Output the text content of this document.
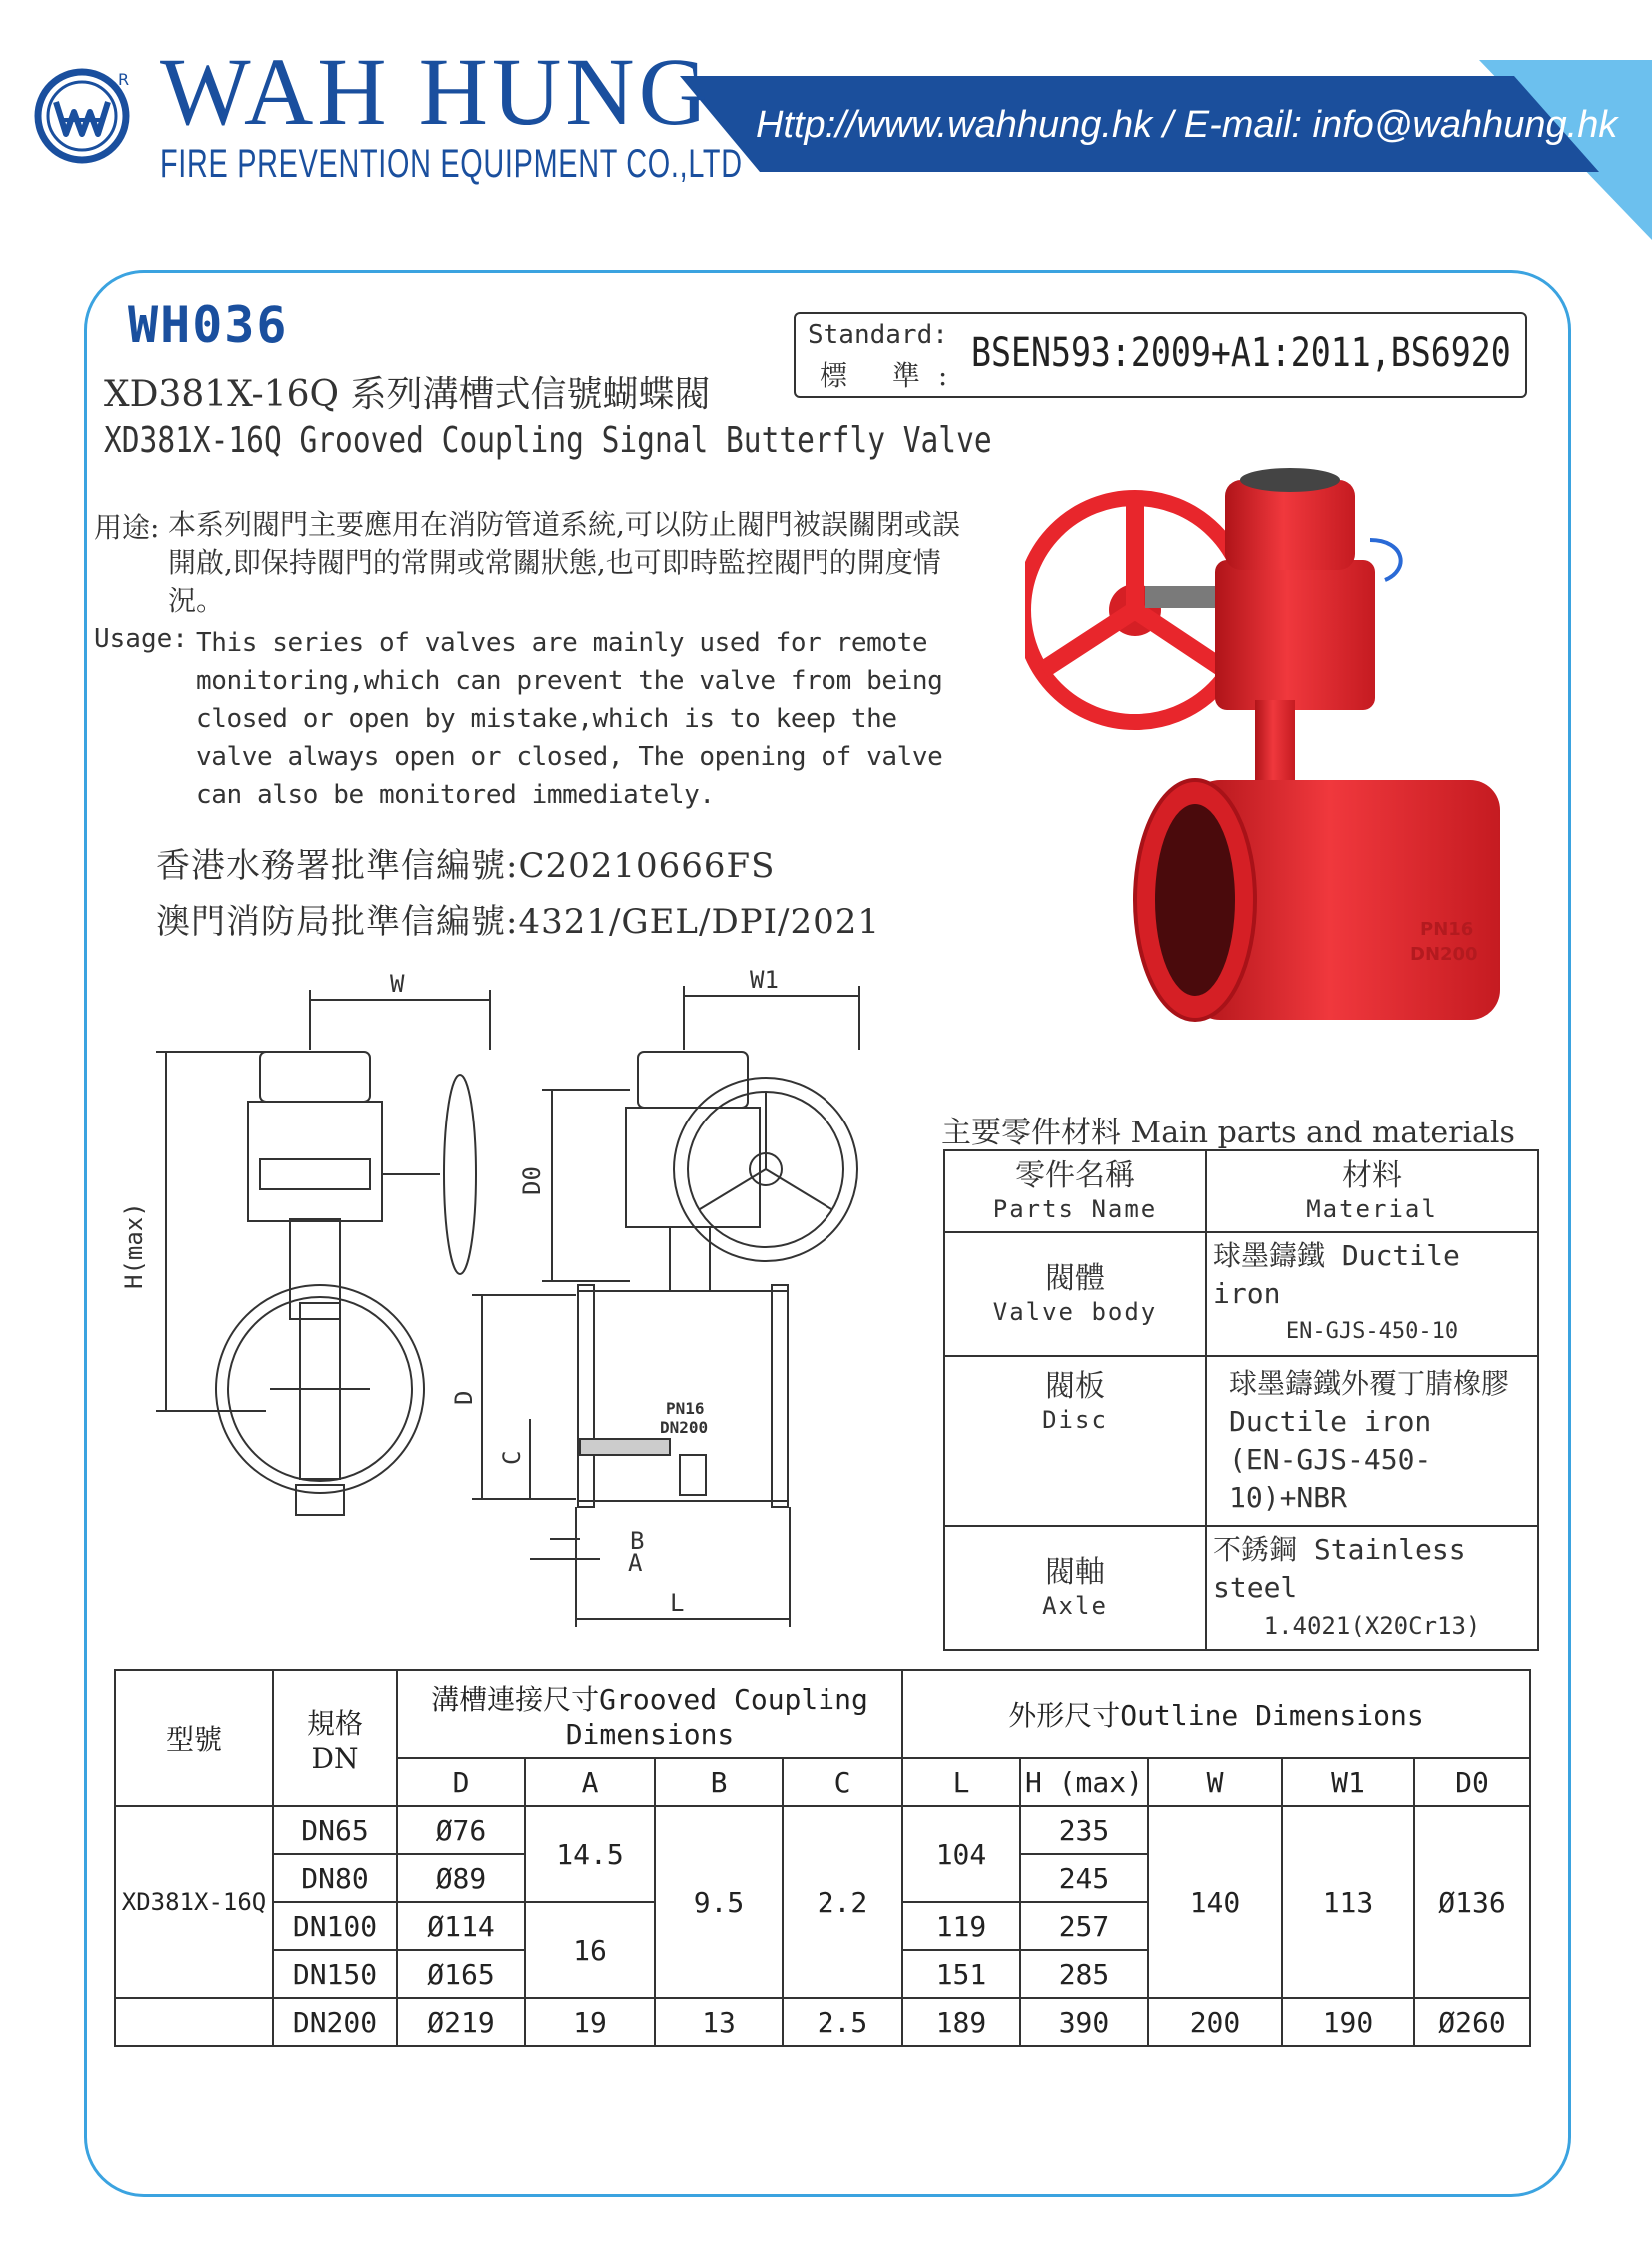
R WAH HUNG
FIRE PREVENTION EQUIPMENT CO.,LTD
Http://www.wahhung.hk / E-mail: info@wahhung.hk
WH036	Standard:
標 準: BSEN593:2009+A1:2011,BS6920
XD381X-16Q 系列溝槽式信號蝴蝶閥
XD381X-16Q Grooved Coupling Signal Butterfly Valve
用途: 本系列閥門主要應用在消防管道系統,可以防止閥門被誤關閉或誤開啟,即保持閥門的常開或常關狀態,也可即時監控閥門的開度情況。
Usage: This series of valves are mainly used for remote monitoring,which can prevent the valve from being closed or open by mistake,which is to keep the valve always open or closed, The opening of valve can also be monitored immediately.
香港水務署批準信編號:C20210666FS
澳門消防局批準信編號:4321/GEL/DPI/2021	PN16
DN200
W
H(max)
W1
D0
D
C
B
A
L
PN16
DN200
主要零件材料 Main parts and materials
零件名稱
Parts Name	材料
Material

閥體
Valve body	球墨鑄鐵 Ductile iron
EN-GJS-450-10

閥板
Disc	球墨鑄鐵外覆丁腈橡膠
Ductile iron
(EN-GJS-450-10)+NBR

閥軸
Axle	不銹鋼 Stainless steel
1.4021(X20Cr13)
型號	規格
DN	溝槽連接尺寸Grooved Coupling Dimensions				外形尺寸Outline Dimensions				
		D	A	B	C	L	H (max)	W	W1	D0
XD381X-16Q	DN65	Ø76	14.5	9.5	2.2	104	235	140	113	Ø136
	DN80	Ø89					245			
	DN100	Ø114	16			119	257			
	DN150	Ø165				151	285			
	DN200	Ø219	19	13	2.5	189	390	200	190	Ø260
